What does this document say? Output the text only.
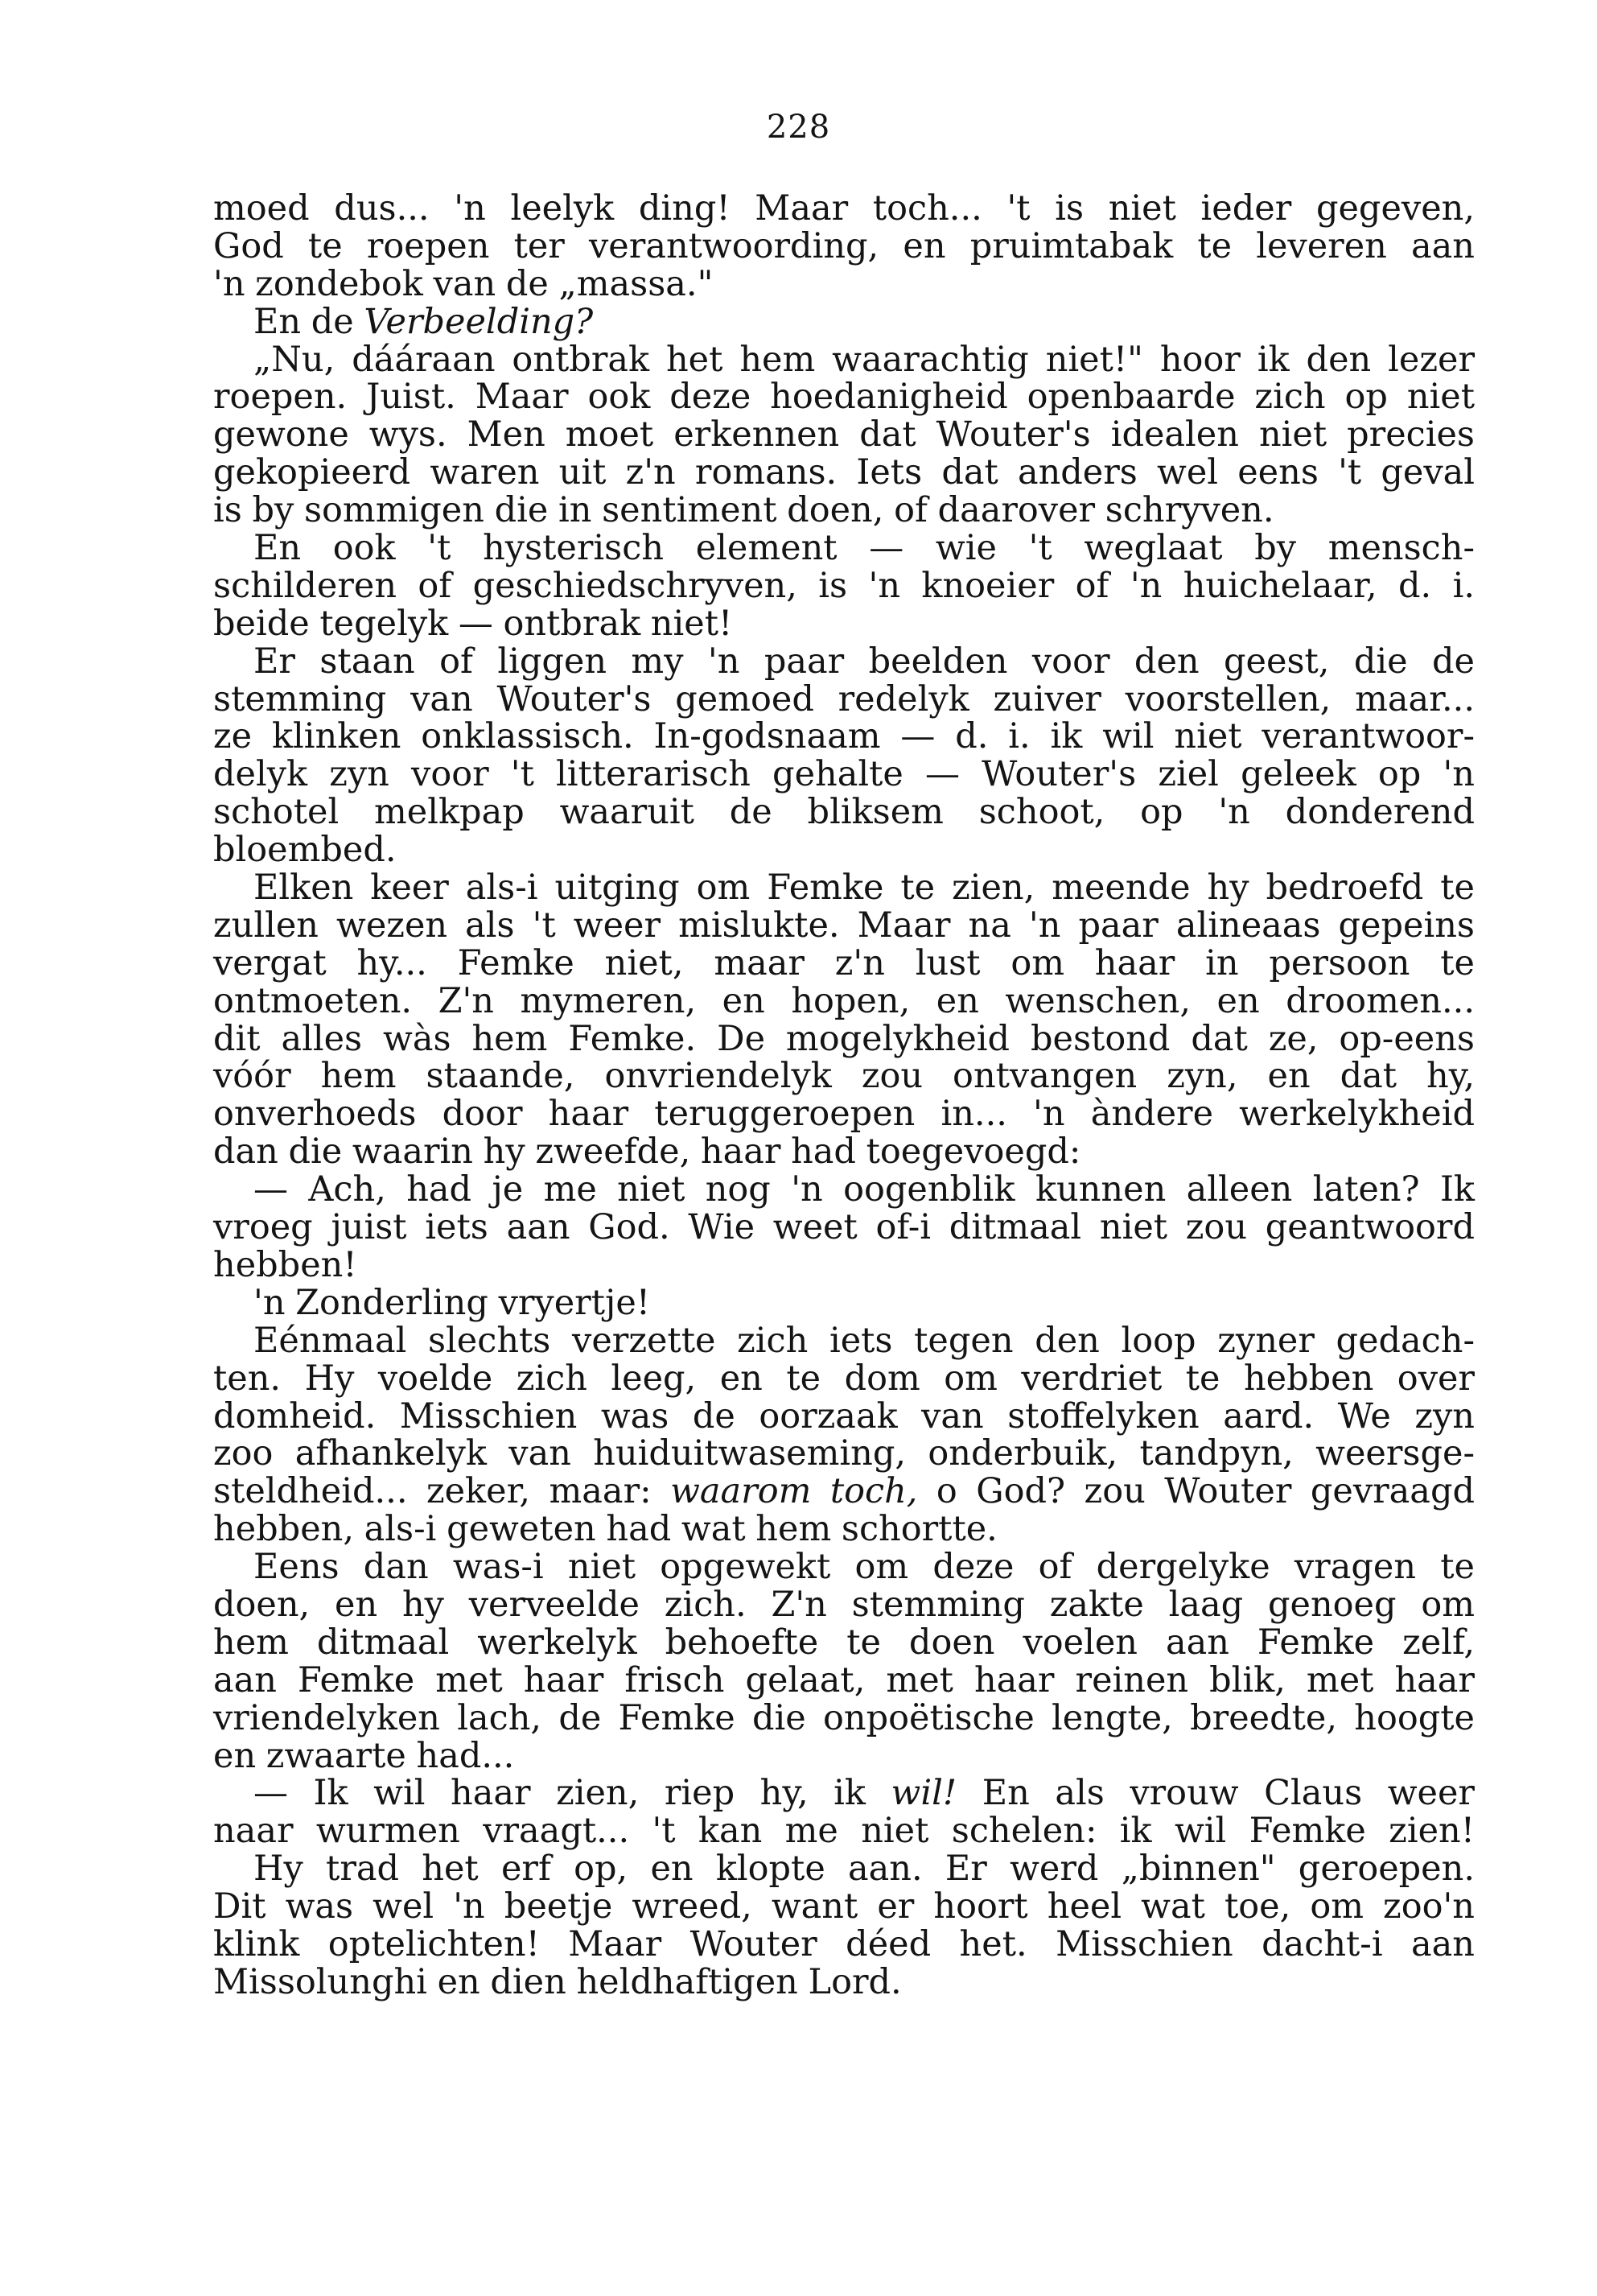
228
moed dus... 'n leelyk ding! Maar toch... 't is niet ieder gegeven,
God te roepen ter verantwoording, en pruimtabak te leveren aan
'n zondebok van de „massa."
En de Verbeelding?
„Nu, dááraan ontbrak het hem waarachtig niet!" hoor ik den lezer
roepen. Juist. Maar ook deze hoedanigheid openbaarde zich op niet
gewone wys. Men moet erkennen dat Wouter's idealen niet precies
gekopieerd waren uit z'n romans. Iets dat anders wel eens 't geval
is by sommigen die in sentiment doen, of daarover schryven.
En ook 't hysterisch element — wie 't weglaat by mensch-
schilderen of geschiedschryven, is 'n knoeier of 'n huichelaar, d. i.
beide tegelyk — ontbrak niet!
Er staan of liggen my 'n paar beelden voor den geest, die de
stemming van Wouter's gemoed redelyk zuiver voorstellen, maar...
ze klinken onklassisch. In-godsnaam — d. i. ik wil niet verantwoor-
delyk zyn voor 't litterarisch gehalte — Wouter's ziel geleek op 'n
schotel melkpap waaruit de bliksem schoot, op 'n donderend
bloembed.
Elken keer als-i uitging om Femke te zien, meende hy bedroefd te
zullen wezen als 't weer mislukte. Maar na 'n paar alineaas gepeins
vergat hy... Femke niet, maar z'n lust om haar in persoon te
ontmoeten. Z'n mymeren, en hopen, en wenschen, en droomen...
dit alles wàs hem Femke. De mogelykheid bestond dat ze, op-eens
vóór hem staande, onvriendelyk zou ontvangen zyn, en dat hy,
onverhoeds door haar teruggeroepen in... 'n àndere werkelykheid
dan die waarin hy zweefde, haar had toegevoegd:
— Ach, had je me niet nog 'n oogenblik kunnen alleen laten? Ik
vroeg juist iets aan God. Wie weet of-i ditmaal niet zou geantwoord
hebben!
'n Zonderling vryertje!
Eénmaal slechts verzette zich iets tegen den loop zyner gedach-
ten. Hy voelde zich leeg, en te dom om verdriet te hebben over
domheid. Misschien was de oorzaak van stoffelyken aard. We zyn
zoo afhankelyk van huiduitwaseming, onderbuik, tandpyn, weersge-
steldheid... zeker, maar: waarom toch, o God? zou Wouter gevraagd
hebben, als-i geweten had wat hem schortte.
Eens dan was-i niet opgewekt om deze of dergelyke vragen te
doen, en hy verveelde zich. Z'n stemming zakte laag genoeg om
hem ditmaal werkelyk behoefte te doen voelen aan Femke zelf,
aan Femke met haar frisch gelaat, met haar reinen blik, met haar
vriendelyken lach, de Femke die onpoëtische lengte, breedte, hoogte
en zwaarte had...
— Ik wil haar zien, riep hy, ik wil! En als vrouw Claus weer
naar wurmen vraagt... 't kan me niet schelen: ik wil Femke zien!
Hy trad het erf op, en klopte aan. Er werd „binnen" geroepen.
Dit was wel 'n beetje wreed, want er hoort heel wat toe, om zoo'n
klink optelichten! Maar Wouter déed het. Misschien dacht-i aan
Missolunghi en dien heldhaftigen Lord.
